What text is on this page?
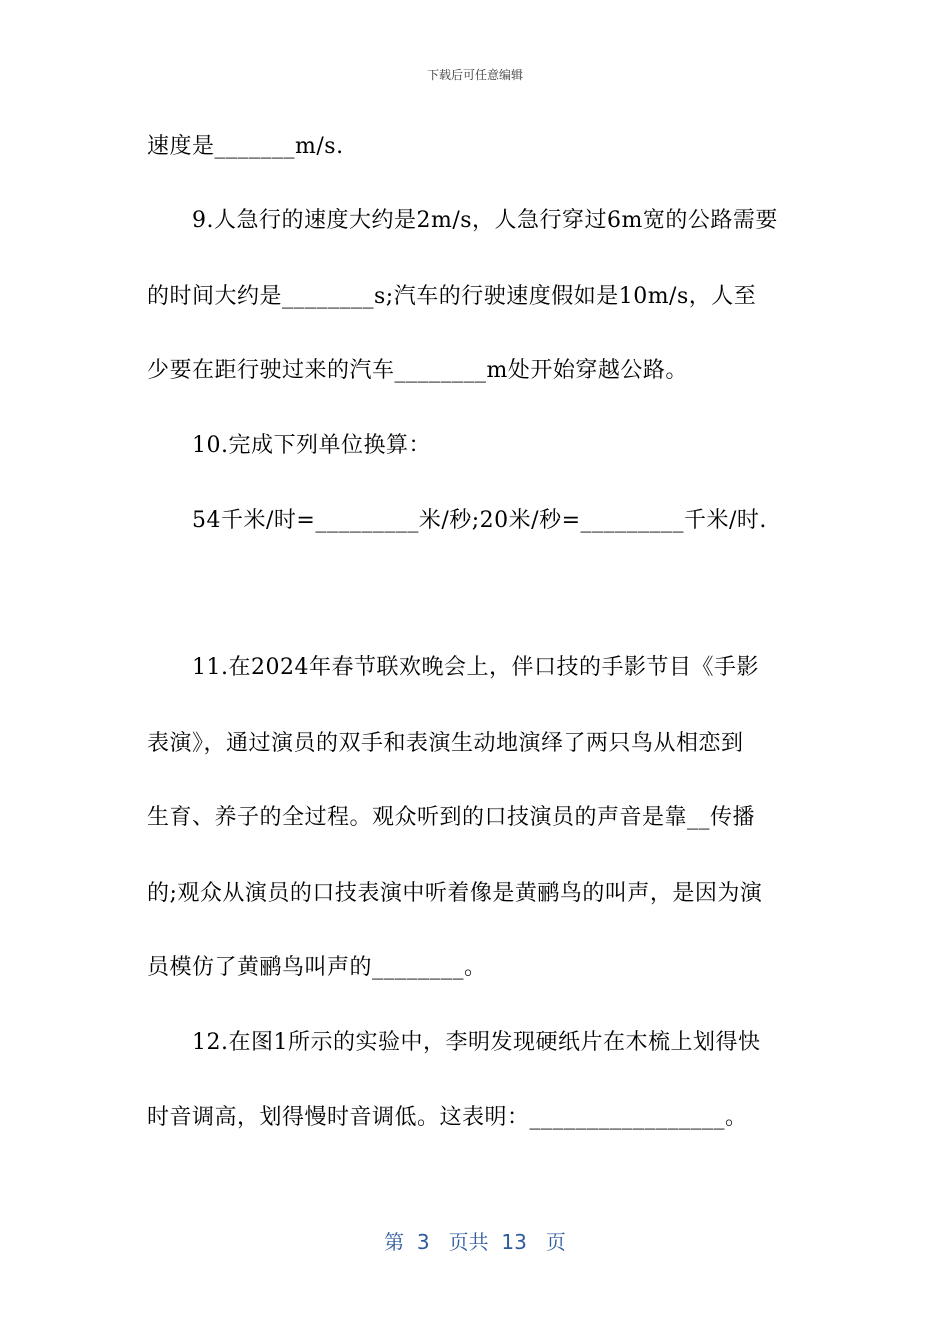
下载后可任意编辑
速度是_______m/s.
9.人急行的速度大约是2m/s，人急行穿过6m宽的公路需要
的时间大约是________s;汽车的行驶速度假如是10m/s，人至
少要在距行驶过来的汽车________m处开始穿越公路。
10.完成下列单位换算：
54千米/时=_________米/秒;20米/秒=_________千米/时.
11.在2024年春节联欢晚会上，伴口技的手影节目《手影
表演》，通过演员的双手和表演生动地演绎了两只鸟从相恋到
生育、养子的全过程。观众听到的口技演员的声音是靠__传播
的;观众从演员的口技表演中听着像是黄鹂鸟的叫声，是因为演
员模仿了黄鹂鸟叫声的________。
12.在图1所示的实验中，李明发现硬纸片在木梳上划得快
时音调高，划得慢时音调低。这表明：_________________。
第  3   页共  13   页
